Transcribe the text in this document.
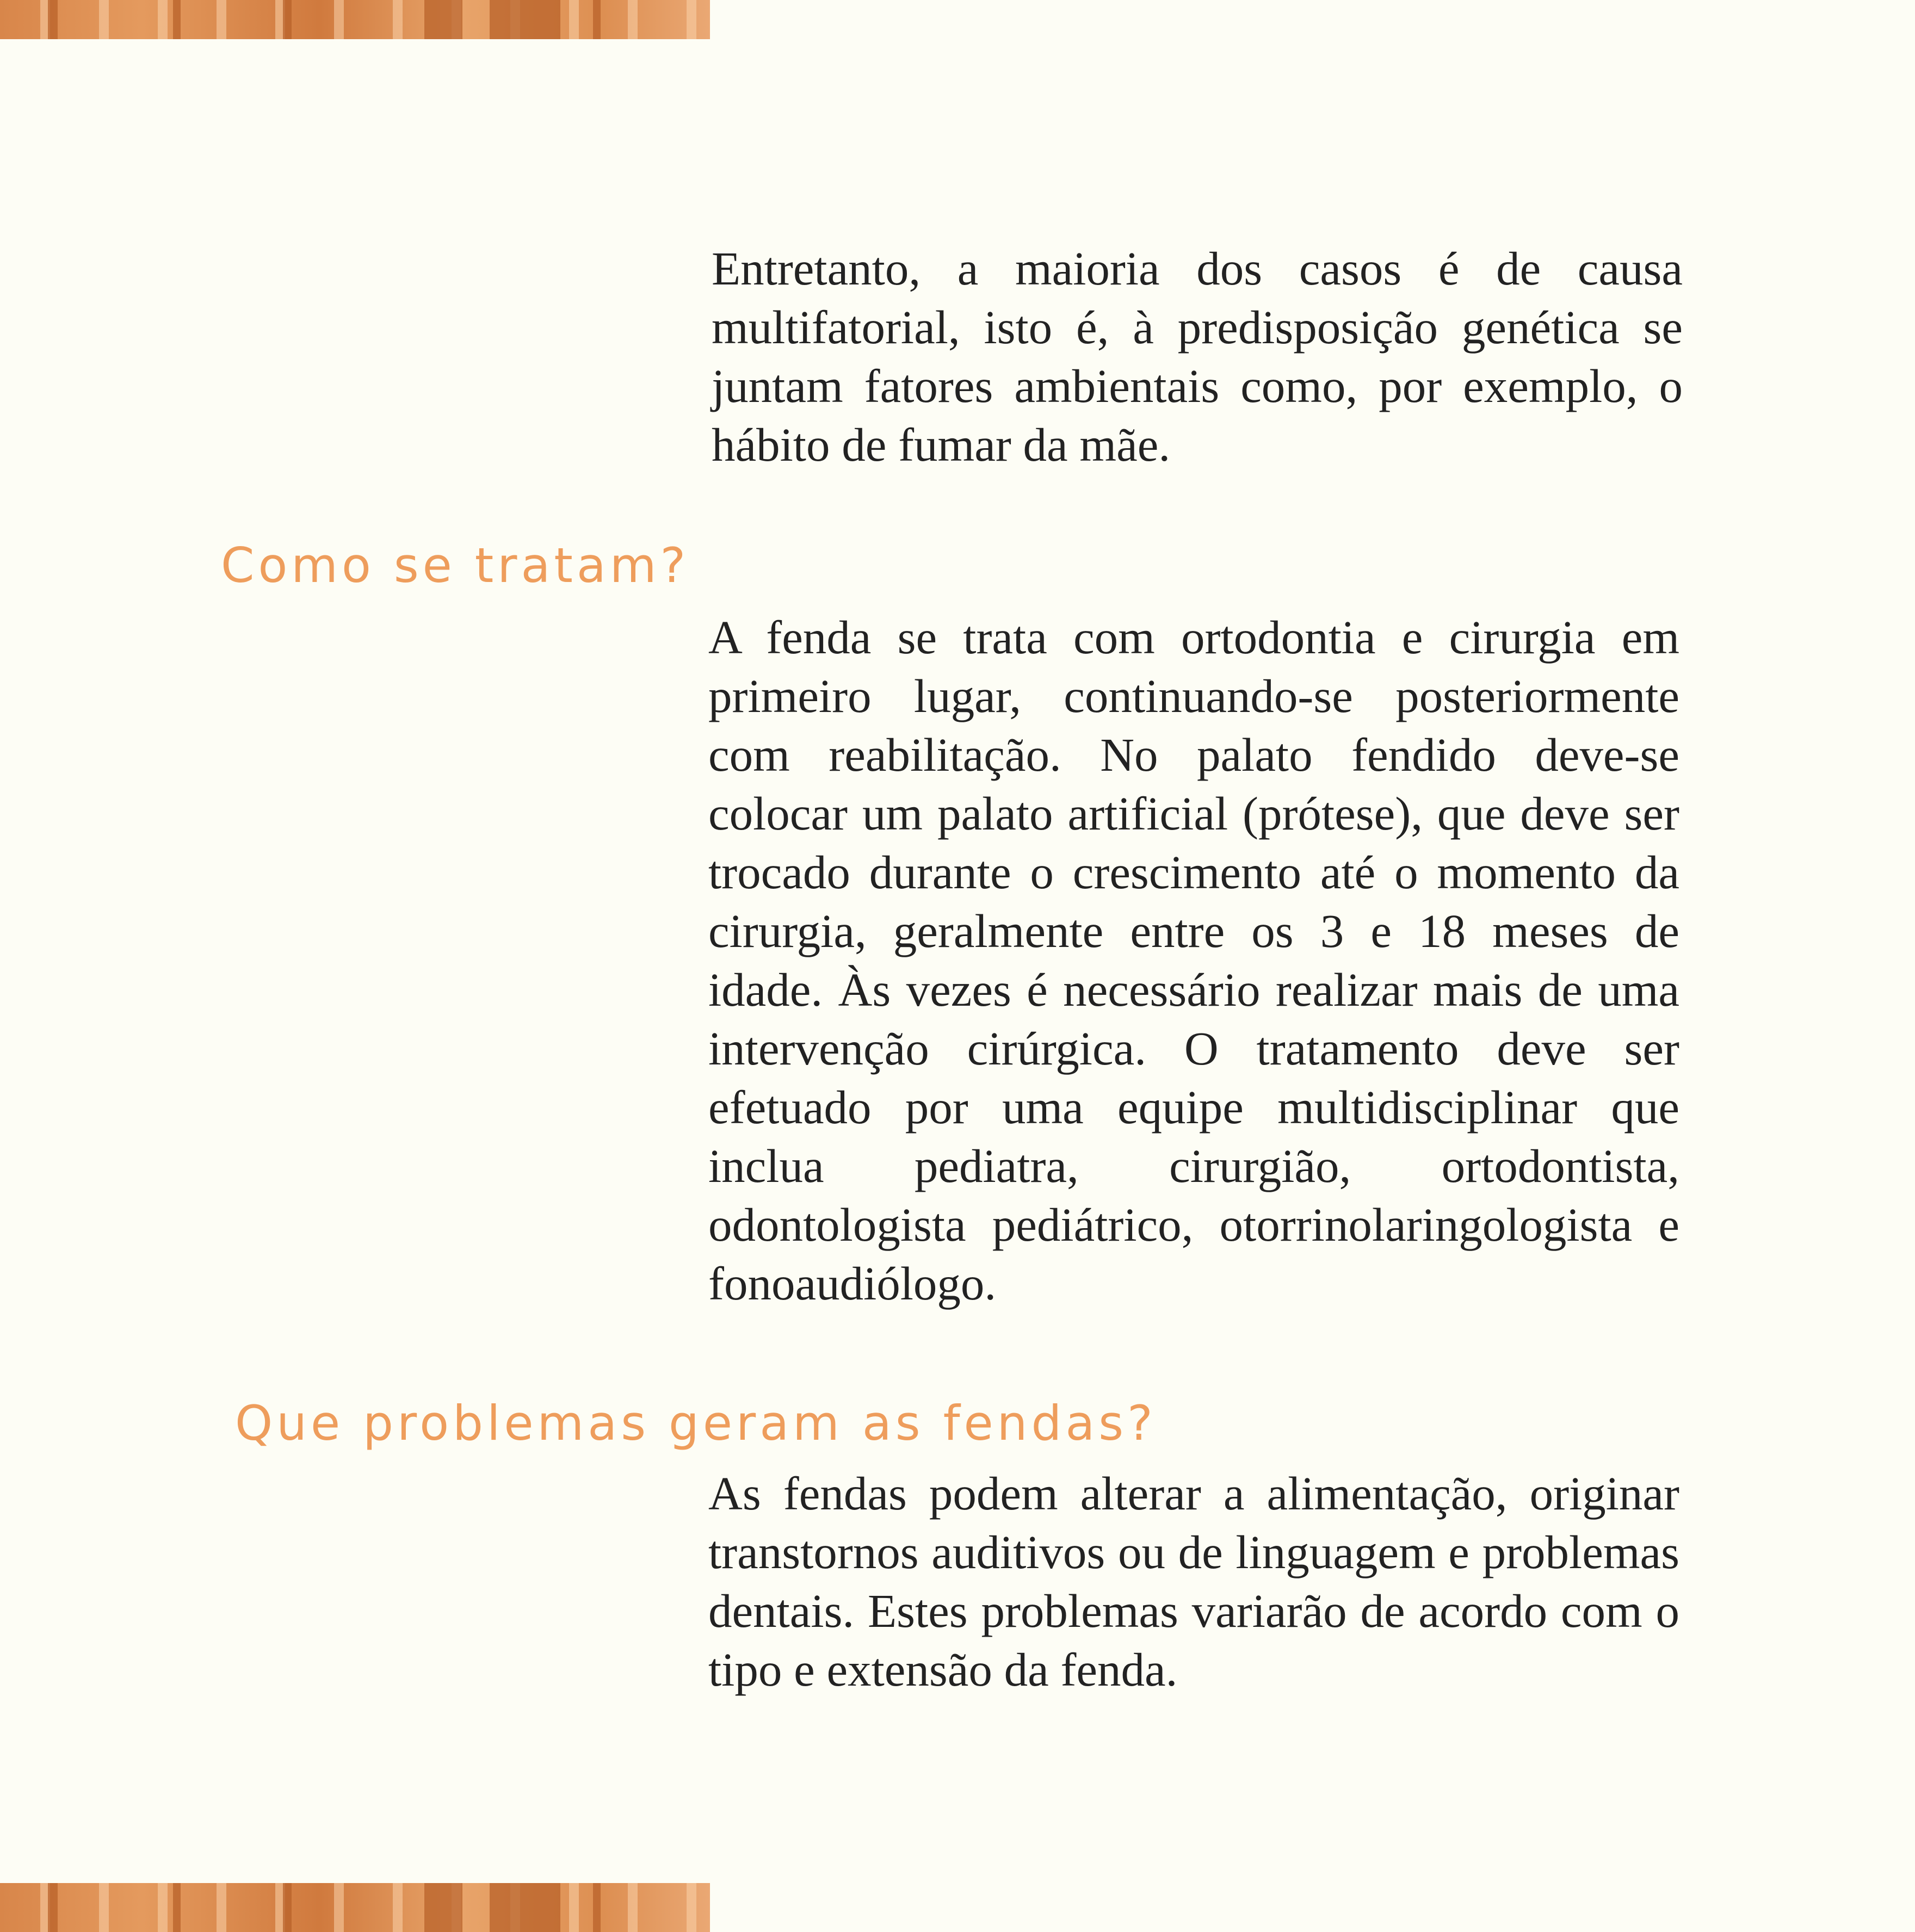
Entretanto, a maioria dos casos é de causa multifatorial, isto é, à predisposição genética se juntam fatores ambientais como, por exemplo, o hábito de fumar da mãe.

Como se tratam?

A fenda se trata com ortodontia e cirurgia em primeiro lugar, continuando-se posteriormente com reabilitação. No palato fendido deve-se colocar um palato artificial (prótese), que deve ser trocado durante o crescimento até o momento da cirurgia, geralmente entre os 3 e 18 meses de idade. Às vezes é necessário realizar mais de uma intervenção cirúrgica. O tratamento deve ser efetuado por uma equipe multidisciplinar que inclua pediatra, cirurgião, ortodontista, odontologista pediátrico, otorrinolaringologista e fonoaudiólogo.

Que problemas geram as fendas?

As fendas podem alterar a alimentação, originar transtornos auditivos ou de linguagem e problemas dentais. Estes problemas variarão de acordo com o tipo e extensão da fenda.
